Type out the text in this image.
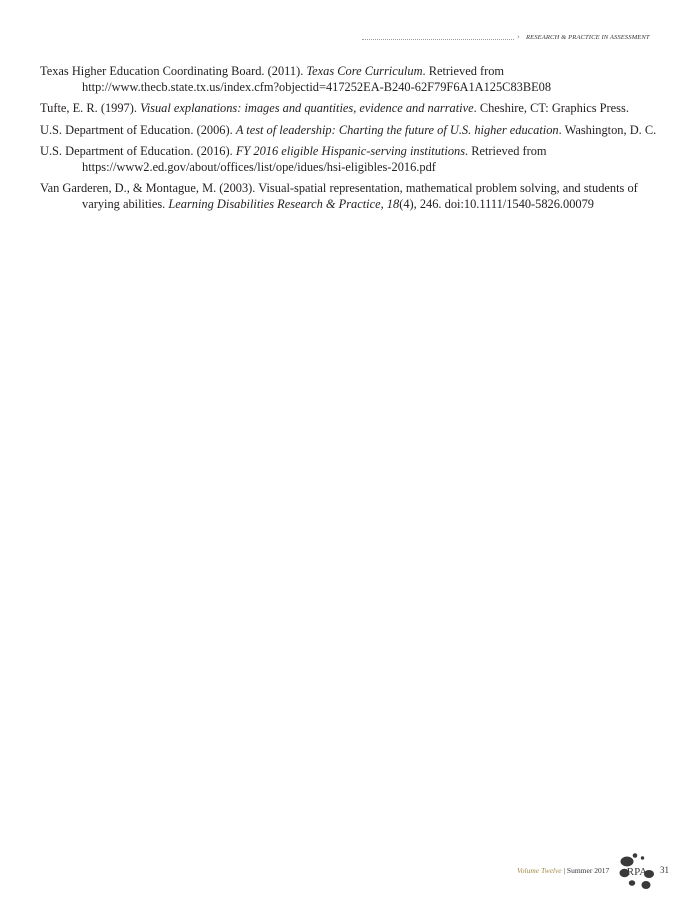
› RESEARCH & PRACTICE IN ASSESSMENT

Texas Higher Education Coordinating Board. (2011). Texas Core Curriculum. Retrieved from http://www.thecb.state.tx.us/index.cfm?objectid=417252EA-B240-62F79F6A1A125C83BE08

Tufte, E. R. (1997). Visual explanations: images and quantities, evidence and narrative. Cheshire, CT: Graphics Press.

U.S. Department of Education. (2006). A test of leadership: Charting the future of U.S. higher education. Washington, D. C.

U.S. Department of Education. (2016). FY 2016 eligible Hispanic-serving institutions. Retrieved from https://www2.ed.gov/about/offices/list/ope/idues/hsi-eligibles-2016.pdf

Van Garderen, D., & Montague, M. (2003). Visual-spatial representation, mathematical problem solving, and students of varying abilities. Learning Disabilities Research & Practice, 18(4), 246. doi:10.1111/1540-5826.00079

Volume Twelve | Summer 2017 RPA 31
